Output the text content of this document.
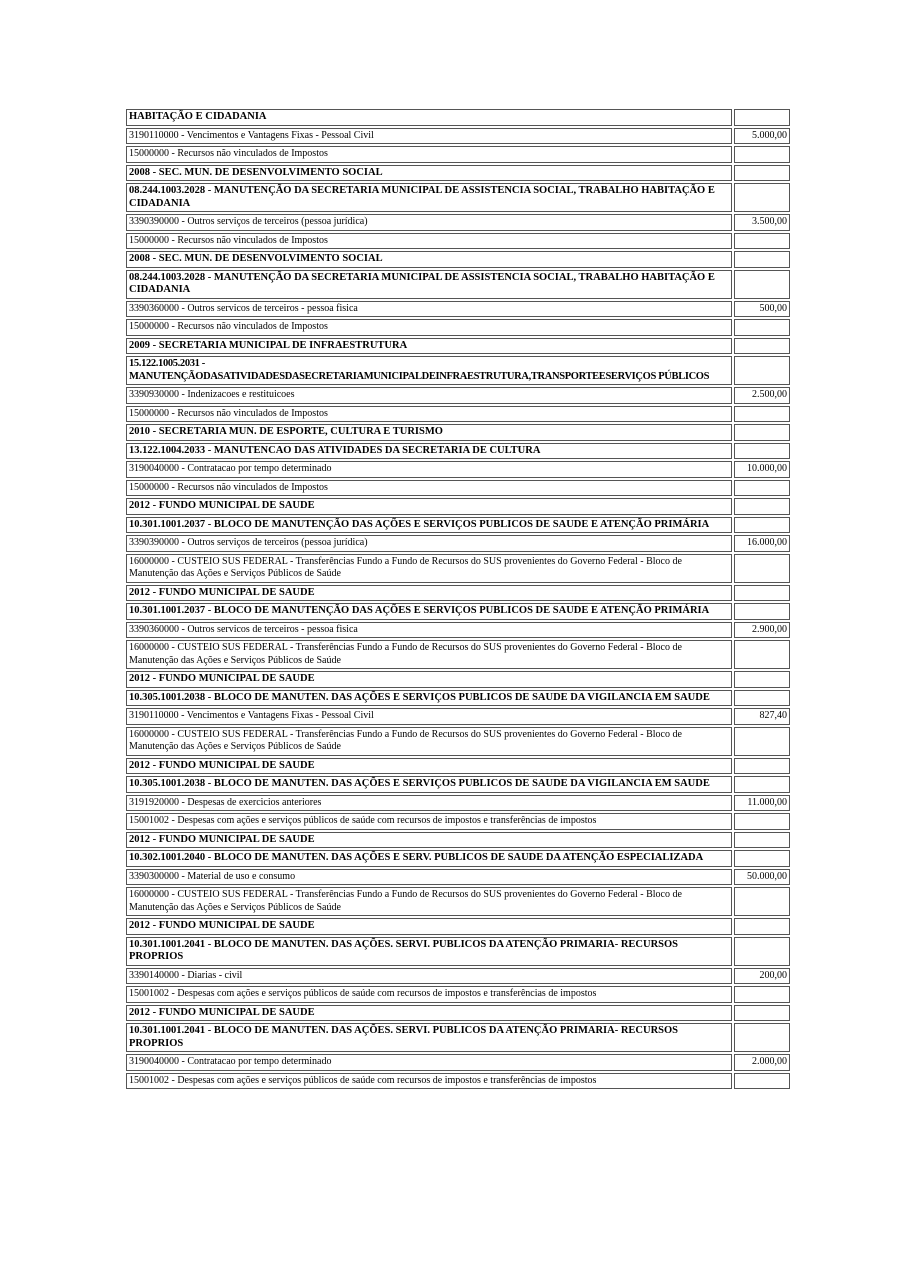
HABITAÇÃO E CIDADANIA	
3190110000 - Vencimentos e Vantagens Fixas - Pessoal Civil	5.000,00
15000000 - Recursos não vinculados de Impostos	
2008 - SEC. MUN. DE DESENVOLVIMENTO SOCIAL	
08.244.1003.2028 - MANUTENÇÃO DA SECRETARIA MUNICIPAL DE ASSISTENCIA SOCIAL, TRABALHO HABITAÇÃO E CIDADANIA	
3390390000 - Outros serviços de terceiros (pessoa jurídica)	3.500,00
15000000 - Recursos não vinculados de Impostos	
2008 - SEC. MUN. DE DESENVOLVIMENTO SOCIAL	
08.244.1003.2028 - MANUTENÇÃO DA SECRETARIA MUNICIPAL DE ASSISTENCIA SOCIAL, TRABALHO HABITAÇÃO E CIDADANIA	
3390360000 - Outros servicos de terceiros - pessoa fisica	500,00
15000000 - Recursos não vinculados de Impostos	
2009 - SECRETARIA MUNICIPAL DE INFRAESTRUTURA	
15.122.1005.2031 - MANUTENÇÃODASATIVIDADESDASECRETARIAMUNICIPALDEINFRAESTRUTURA,TRANSPORTEESERVIÇOS PÚBLICOS	
3390930000 - Indenizacoes e restituicoes	2.500,00
15000000 - Recursos não vinculados de Impostos	
2010 - SECRETARIA MUN. DE ESPORTE, CULTURA E TURISMO	
13.122.1004.2033 - MANUTENCAO DAS ATIVIDADES DA SECRETARIA DE CULTURA	
3190040000 - Contratacao por tempo determinado	10.000,00
15000000 - Recursos não vinculados de Impostos	
2012 - FUNDO MUNICIPAL DE SAUDE	
10.301.1001.2037 - BLOCO DE MANUTENÇÃO DAS AÇÕES E SERVIÇOS PUBLICOS DE SAUDE E ATENÇÃO PRIMÁRIA	
3390390000 - Outros serviços de terceiros (pessoa jurídica)	16.000,00
16000000 - CUSTEIO SUS FEDERAL - Transferências Fundo a Fundo de Recursos do SUS provenientes do Governo Federal - Bloco de Manutenção das Ações e Serviços Públicos de Saúde	
2012 - FUNDO MUNICIPAL DE SAUDE	
10.301.1001.2037 - BLOCO DE MANUTENÇÃO DAS AÇÕES E SERVIÇOS PUBLICOS DE SAUDE E ATENÇÃO PRIMÁRIA	
3390360000 - Outros servicos de terceiros - pessoa fisica	2.900,00
16000000 - CUSTEIO SUS FEDERAL - Transferências Fundo a Fundo de Recursos do SUS provenientes do Governo Federal - Bloco de Manutenção das Ações e Serviços Públicos de Saúde	
2012 - FUNDO MUNICIPAL DE SAUDE	
10.305.1001.2038 - BLOCO DE MANUTEN. DAS AÇÕES E SERVIÇOS PUBLICOS DE SAUDE DA VIGILANCIA EM SAUDE	
3190110000 - Vencimentos e Vantagens Fixas - Pessoal Civil	827,40
16000000 - CUSTEIO SUS FEDERAL - Transferências Fundo a Fundo de Recursos do SUS provenientes do Governo Federal - Bloco de Manutenção das Ações e Serviços Públicos de Saúde	
2012 - FUNDO MUNICIPAL DE SAUDE	
10.305.1001.2038 - BLOCO DE MANUTEN. DAS AÇÕES E SERVIÇOS PUBLICOS DE SAUDE DA VIGILANCIA EM SAUDE	
3191920000 - Despesas de exercicios anteriores	11.000,00
15001002 - Despesas com ações e serviços públicos de saúde com recursos de impostos e transferências de impostos	
2012 - FUNDO MUNICIPAL DE SAUDE	
10.302.1001.2040 - BLOCO DE MANUTEN. DAS AÇÕES E SERV. PUBLICOS DE SAUDE DA ATENÇÃO ESPECIALIZADA	
3390300000 - Material de uso e consumo	50.000,00
16000000 - CUSTEIO SUS FEDERAL - Transferências Fundo a Fundo de Recursos do SUS provenientes do Governo Federal - Bloco de Manutenção das Ações e Serviços Públicos de Saúde	
2012 - FUNDO MUNICIPAL DE SAUDE	
10.301.1001.2041 - BLOCO DE MANUTEN. DAS AÇÕES. SERVI. PUBLICOS DA ATENÇÃO PRIMARIA- RECURSOS PROPRIOS	
3390140000 - Diarias - civil	200,00
15001002 - Despesas com ações e serviços públicos de saúde com recursos de impostos e transferências de impostos	
2012 - FUNDO MUNICIPAL DE SAUDE	
10.301.1001.2041 - BLOCO DE MANUTEN. DAS AÇÕES. SERVI. PUBLICOS DA ATENÇÃO PRIMARIA- RECURSOS PROPRIOS	
3190040000 - Contratacao por tempo determinado	2.000,00
15001002 - Despesas com ações e serviços públicos de saúde com recursos de impostos e transferências de impostos	
